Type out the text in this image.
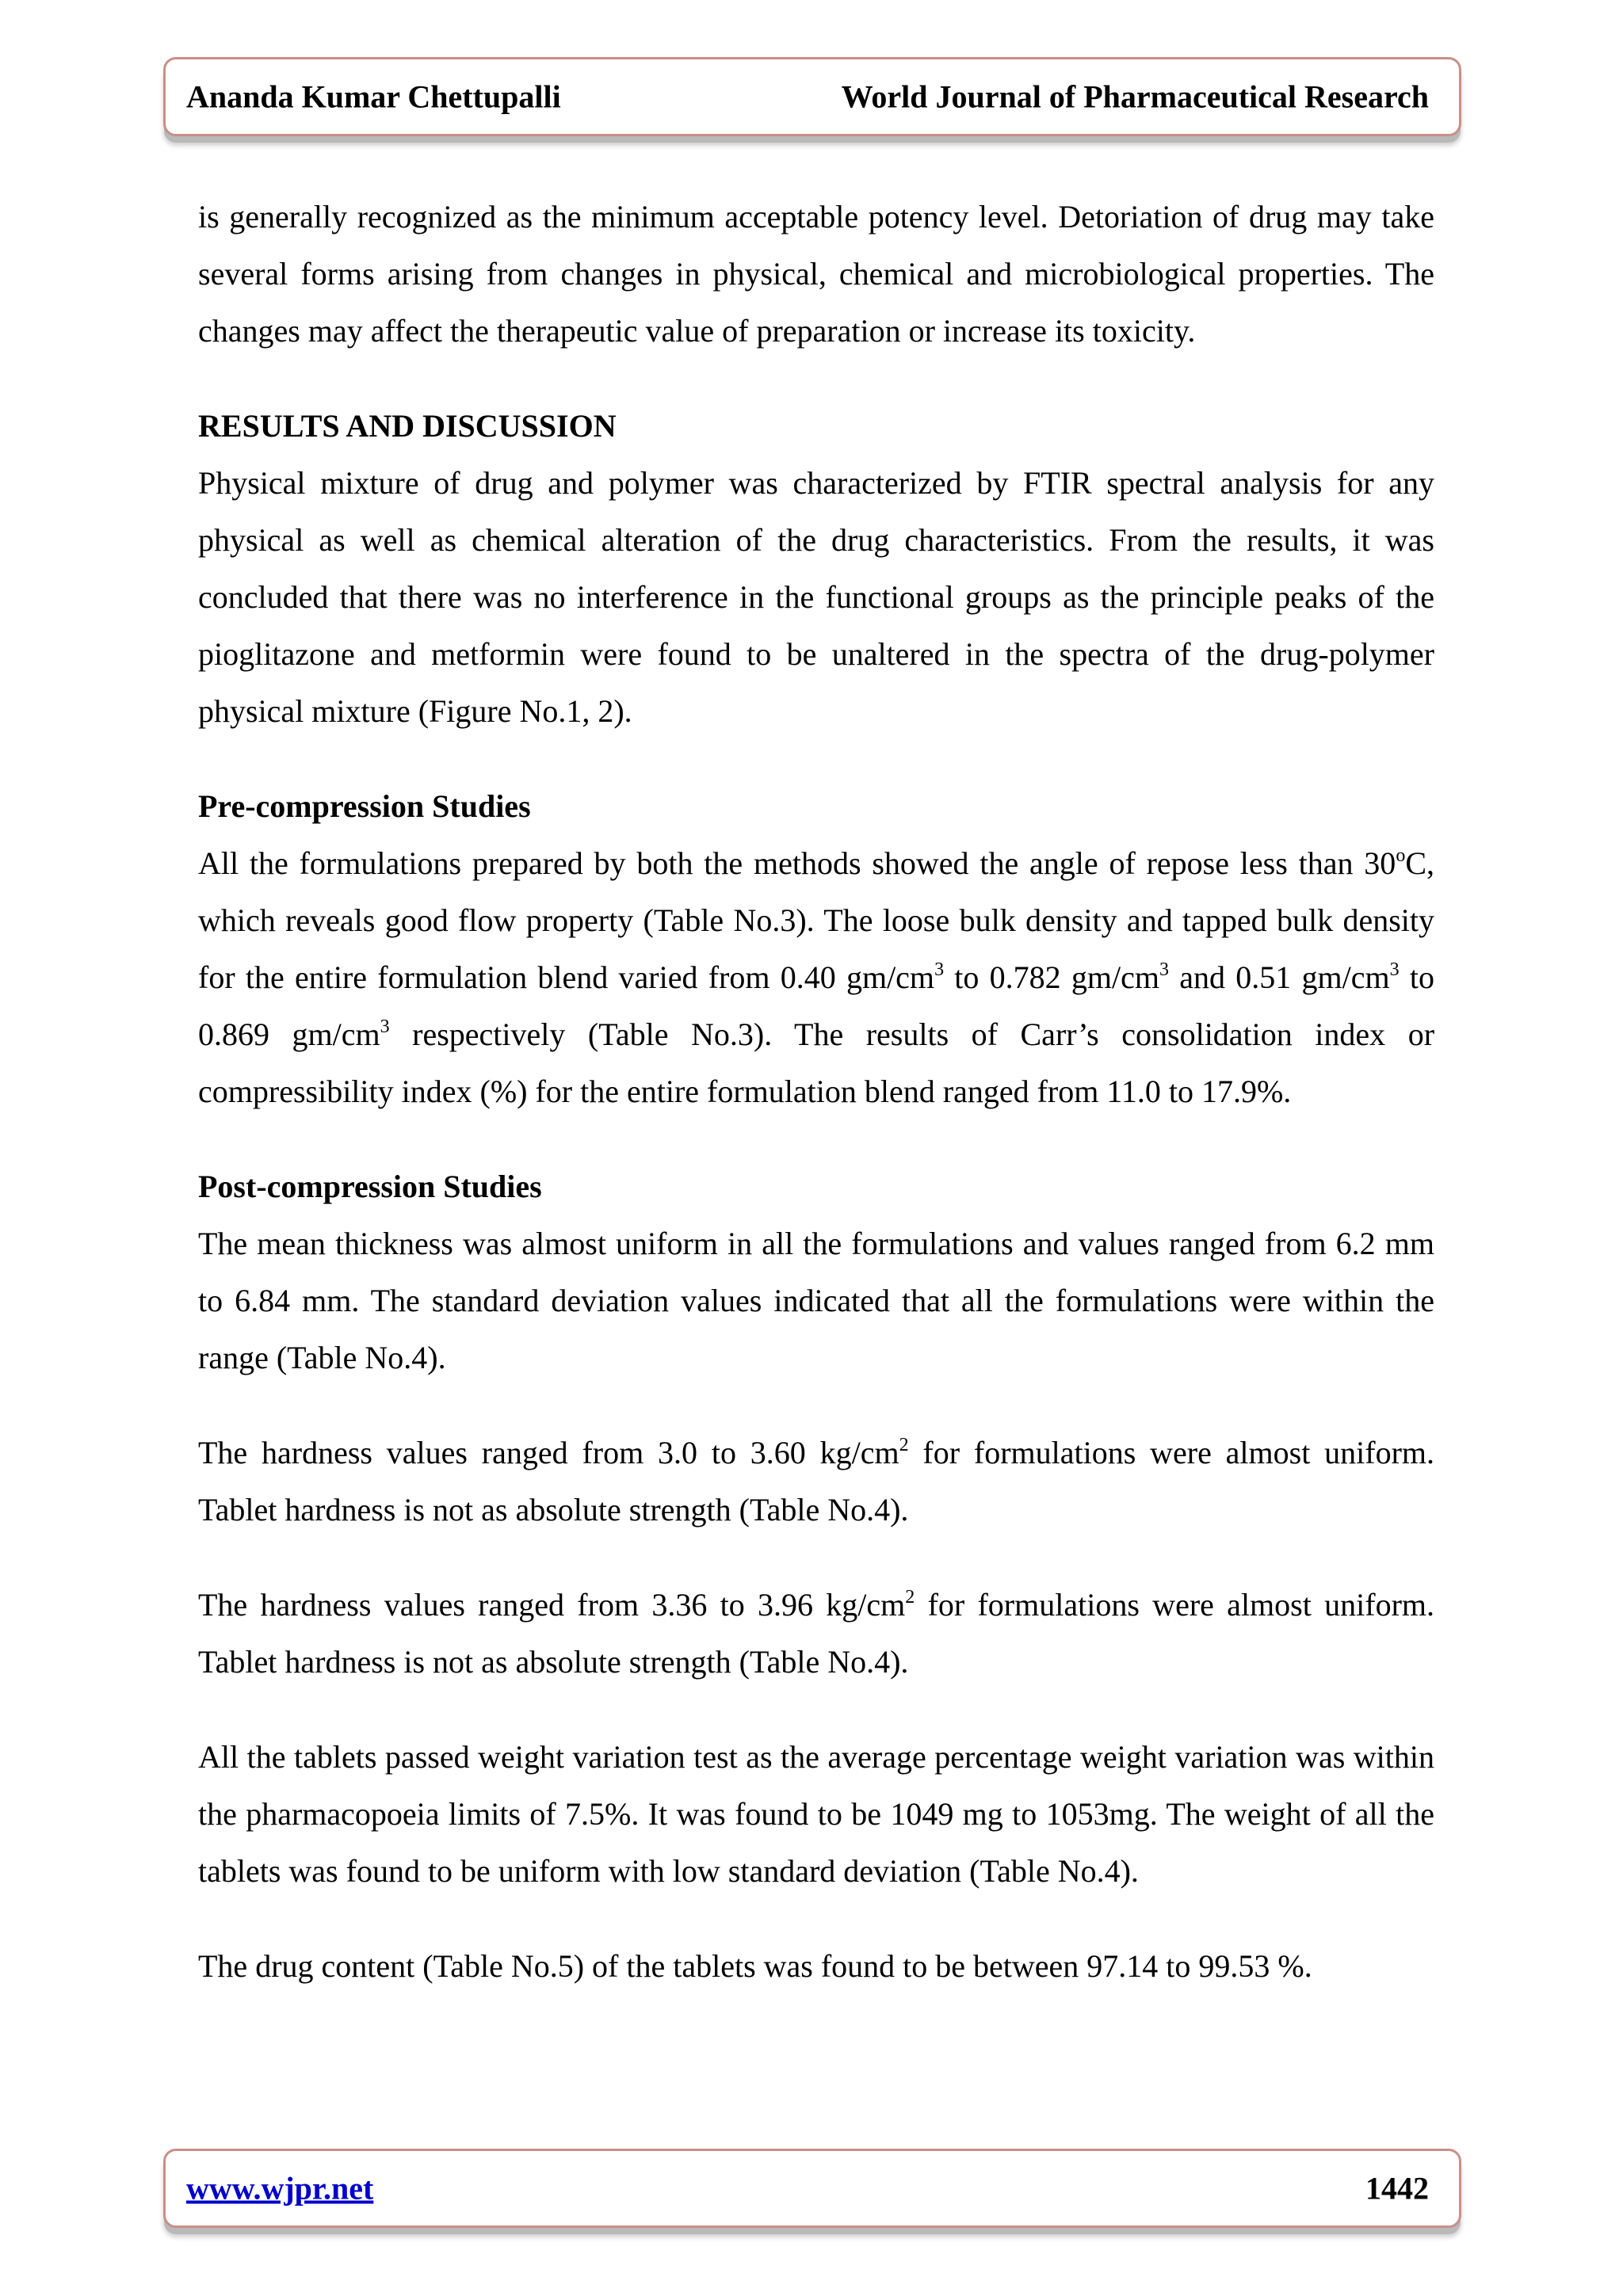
Ananda Kumar Chettupalli	World Journal of Pharmaceutical Research

is generally recognized as the minimum acceptable potency level. Detoriation of drug may take several forms arising from changes in physical, chemical and microbiological properties. The changes may affect the therapeutic value of preparation or increase its toxicity.

RESULTS AND DISCUSSION

Physical mixture of drug and polymer was characterized by FTIR spectral analysis for any physical as well as chemical alteration of the drug characteristics. From the results, it was concluded that there was no interference in the functional groups as the principle peaks of the pioglitazone and metformin were found to be unaltered in the spectra of the drug-polymer physical mixture (Figure No.1, 2).

Pre-compression Studies

All the formulations prepared by both the methods showed the angle of repose less than 30$^o$C, which reveals good flow property (Table No.3). The loose bulk density and tapped bulk density for the entire formulation blend varied from 0.40 $gm/cm^3$ to 0.782 $gm/cm^3$ and 0.51 $gm/cm^3$ to 0.869 $gm/cm^3$ respectively (Table No.3). The results of Carr’s consolidation index or compressibility index (%) for the entire formulation blend ranged from 11.0 to 17.9%.

Post-compression Studies

The mean thickness was almost uniform in all the formulations and values ranged from 6.2 mm to 6.84 mm. The standard deviation values indicated that all the formulations were within the range (Table No.4).

The hardness values ranged from 3.0 to 3.60 $kg/cm^2$ for formulations were almost uniform. Tablet hardness is not as absolute strength (Table No.4).

The hardness values ranged from 3.36 to 3.96 $kg/cm^2$ for formulations were almost uniform. Tablet hardness is not as absolute strength (Table No.4).

All the tablets passed weight variation test as the average percentage weight variation was within the pharmacopoeia limits of 7.5%. It was found to be 1049 mg to 1053mg. The weight of all the tablets was found to be uniform with low standard deviation (Table No.4).

The drug content (Table No.5) of the tablets was found to be between 97.14 to 99.53 %.

www.wjpr.net	1442
